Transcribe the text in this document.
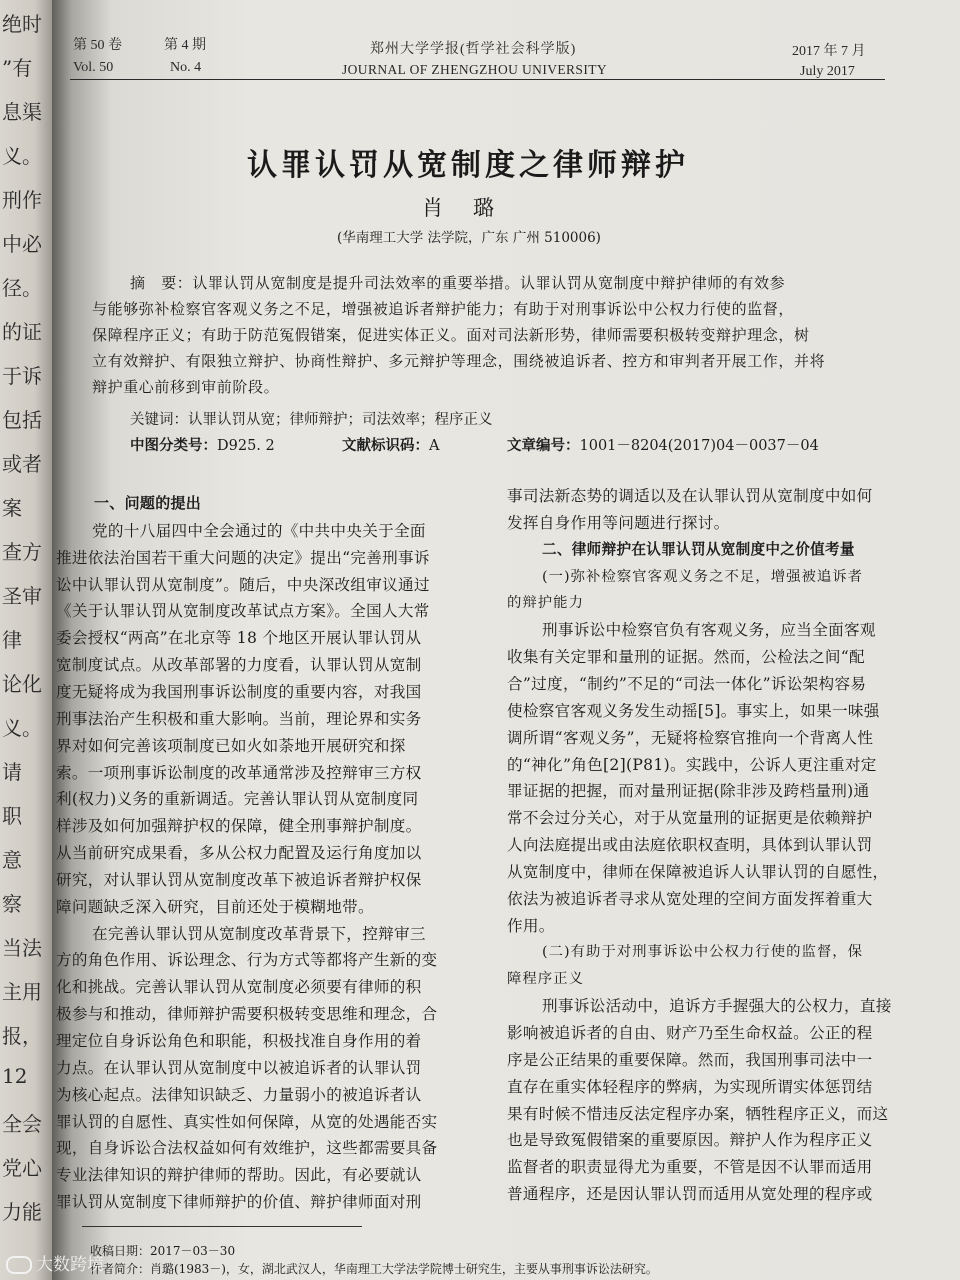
绝时
”有
息渠
义。
刑作
中必
径。
的证
于诉
包括
或者
案
查方
圣审
律
论化
义。
请
职
意
察
当法
主用
报，
12
全会
党心
力能
第 50 卷	第 4 期
Vol. 50	No. 4
郑州大学学报(哲学社会科学版)
JOURNAL OF ZHENGZHOU UNIVERSITY
2017 年 7 月
July 2017
认罪认罚从宽制度之律师辩护
肖璐
(华南理工大学 法学院，广东 广州 510006)
摘　要：认罪认罚从宽制度是提升司法效率的重要举措。认罪认罚从宽制度中辩护律师的有效参
与能够弥补检察官客观义务之不足，增强被追诉者辩护能力；有助于对刑事诉讼中公权力行使的监督，
保障程序正义；有助于防范冤假错案，促进实体正义。面对司法新形势，律师需要积极转变辩护理念，树
立有效辩护、有限独立辩护、协商性辩护、多元辩护等理念，围绕被追诉者、控方和审判者开展工作，并将
辩护重心前移到审前阶段。
关键词：认罪认罚从宽；律师辩护；司法效率；程序正义
中图分类号：D925. 2	文献标识码：A	文章编号：1001－8204(2017)04－0037－04
一、问题的提出
党的十八届四中全会通过的《中共中央关于全面
推进依法治国若干重大问题的决定》提出“完善刑事诉
讼中认罪认罚从宽制度”。随后，中央深改组审议通过
《关于认罪认罚从宽制度改革试点方案》。全国人大常
委会授权“两高”在北京等 18 个地区开展认罪认罚从
宽制度试点。从改革部署的力度看，认罪认罚从宽制
度无疑将成为我国刑事诉讼制度的重要内容，对我国
刑事法治产生积极和重大影响。当前，理论界和实务
界对如何完善该项制度已如火如荼地开展研究和探
索。一项刑事诉讼制度的改革通常涉及控辩审三方权
利(权力)义务的重新调适。完善认罪认罚从宽制度同
样涉及如何加强辩护权的保障，健全刑事辩护制度。
从当前研究成果看，多从公权力配置及运行角度加以
研究，对认罪认罚从宽制度改革下被追诉者辩护权保
障问题缺乏深入研究，目前还处于模糊地带。
在完善认罪认罚从宽制度改革背景下，控辩审三
方的角色作用、诉讼理念、行为方式等都将产生新的变
化和挑战。完善认罪认罚从宽制度必须要有律师的积
极参与和推动，律师辩护需要积极转变思维和理念，合
理定位自身诉讼角色和职能，积极找准自身作用的着
力点。在认罪认罚从宽制度中以被追诉者的认罪认罚
为核心起点。法律知识缺乏、力量弱小的被追诉者认
罪认罚的自愿性、真实性如何保障，从宽的处遇能否实
现，自身诉讼合法权益如何有效维护，这些都需要具备
专业法律知识的辩护律师的帮助。因此，有必要就认
罪认罚从宽制度下律师辩护的价值、辩护律师面对刑
事司法新态势的调适以及在认罪认罚从宽制度中如何
发挥自身作用等问题进行探讨。
二、律师辩护在认罪认罚从宽制度中之价值考量
(一)弥补检察官客观义务之不足，增强被追诉者
的辩护能力
刑事诉讼中检察官负有客观义务，应当全面客观
收集有关定罪和量刑的证据。然而，公检法之间“配
合”过度，“制约”不足的“司法一体化”诉讼架构容易
使检察官客观义务发生动摇[5]。事实上，如果一味强
调所谓“客观义务”，无疑将检察官推向一个背离人性
的“神化”角色[2](P81)。实践中，公诉人更注重对定
罪证据的把握，而对量刑证据(除非涉及跨档量刑)通
常不会过分关心，对于从宽量刑的证据更是依赖辩护
人向法庭提出或由法庭依职权查明，具体到认罪认罚
从宽制度中，律师在保障被追诉人认罪认罚的自愿性，
依法为被追诉者寻求从宽处理的空间方面发挥着重大
作用。
(二)有助于对刑事诉讼中公权力行使的监督，保
障程序正义
刑事诉讼活动中，追诉方手握强大的公权力，直接
影响被追诉者的自由、财产乃至生命权益。公正的程
序是公正结果的重要保障。然而，我国刑事司法中一
直存在重实体轻程序的弊病，为实现所谓实体惩罚结
果有时候不惜违反法定程序办案，牺牲程序正义，而这
也是导致冤假错案的重要原因。辩护人作为程序正义
监督者的职责显得尤为重要，不管是因不认罪而适用
普通程序，还是因认罪认罚而适用从宽处理的程序或
收稿日期：2017－03－30
作者简介：肖璐(1983－)，女，湖北武汉人，华南理工大学法学院博士研究生，主要从事刑事诉讼法研究。
大数跨境
